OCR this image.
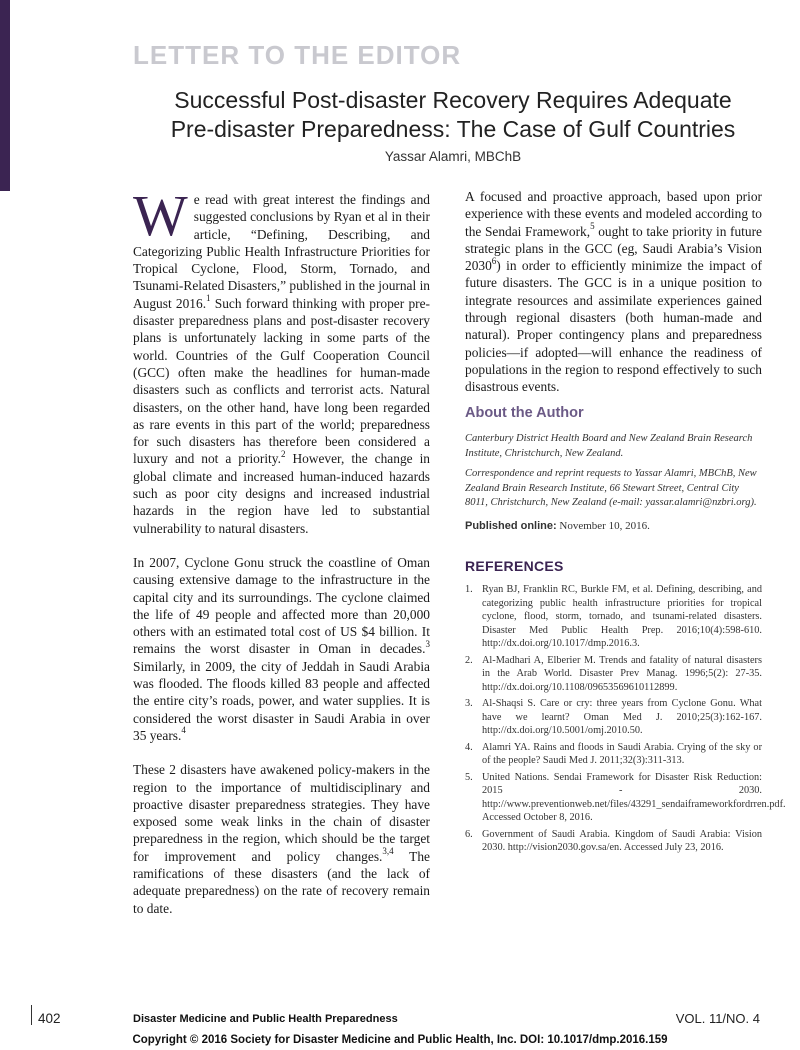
LETTER TO THE EDITOR
Successful Post-disaster Recovery Requires Adequate
Pre-disaster Preparedness: The Case of Gulf Countries
Yassar Alamri, MBChB

We read with great interest the findings and suggested conclusions by Ryan et al in their article, “Defining, Describing, and Categorizing Public Health Infrastructure Priorities for Tropical Cyclone, Flood, Storm, Tornado, and Tsunami-Related Disasters,” published in the journal in August 2016.$^1$ Such forward thinking with proper pre-disaster preparedness plans and post-disaster recovery plans is unfortunately lacking in some parts of the world. Countries of the Gulf Cooperation Council (GCC) often make the headlines for human-made disasters such as conflicts and terrorist acts. Natural disasters, on the other hand, have long been regarded as rare events in this part of the world; preparedness for such disasters has therefore been considered a luxury and not a priority.$^2$ However, the change in global climate and increased human-induced hazards such as poor city designs and increased industrial hazards in the region have led to substantial vulnerability to natural disasters.

In 2007, Cyclone Gonu struck the coastline of Oman causing extensive damage to the infrastructure in the capital city and its surroundings. The cyclone claimed the life of 49 people and affected more than 20,000 others with an estimated total cost of US $4 billion. It remains the worst disaster in Oman in decades.$^3$ Similarly, in 2009, the city of Jeddah in Saudi Arabia was flooded. The floods killed 83 people and affected the entire city’s roads, power, and water supplies. It is considered the worst disaster in Saudi Arabia in over 35 years.$^4$

These 2 disasters have awakened policy-makers in the region to the importance of multidisciplinary and proactive disaster preparedness strategies. They have exposed some weak links in the chain of disaster preparedness in the region, which should be the target for improvement and policy changes.$^{3,4}$ The ramifications of these disasters (and the lack of adequate preparedness) on the rate of recovery remain to date.

A focused and proactive approach, based upon prior experience with these events and modeled according to the Sendai Framework,$^5$ ought to take priority in future strategic plans in the GCC (eg, Saudi Arabia’s Vision 2030$^6$) in order to efficiently minimize the impact of future disasters. The GCC is in a unique position to integrate resources and assimilate experiences gained through regional disasters (both human-made and natural). Proper contingency plans and preparedness policies—if adopted—will enhance the readiness of populations in the region to respond effectively to such disastrous events.

About the Author

Canterbury District Health Board and New Zealand Brain Research Institute, Christchurch, New Zealand.

Correspondence and reprint requests to Yassar Alamri, MBChB, New Zealand Brain Research Institute, 66 Stewart Street, Central City 8011, Christchurch, New Zealand (e-mail: yassar.alamri@nzbri.org).

Published online: November 10, 2016.
REFERENCES
1. Ryan BJ, Franklin RC, Burkle FM, et al. Defining, describing, and categorizing public health infrastructure priorities for tropical cyclone, flood, storm, tornado, and tsunami-related disasters. Disaster Med Public Health Prep. 2016;10(4):598-610. http://dx.doi.org/10.1017/dmp.2016.3.
2. Al-Madhari A, Elberier M. Trends and fatality of natural disasters in the Arab World. Disaster Prev Manag. 1996;5(2): 27-35. http://dx.doi.org/10.1108/09653569610112899.
3. Al-Shaqsi S. Care or cry: three years from Cyclone Gonu. What have we learnt? Oman Med J. 2010;25(3):162-167. http://dx.doi.org/10.5001/omj.2010.50.
4. Alamri YA. Rains and floods in Saudi Arabia. Crying of the sky or of the people? Saudi Med J. 2011;32(3):311-313.
5. United Nations. Sendai Framework for Disaster Risk Reduction: 2015 - 2030. http://www.preventionweb.net/files/43291_sendaiframeworkfordrren.pdf. Accessed October 8, 2016.
6. Government of Saudi Arabia. Kingdom of Saudi Arabia: Vision 2030. http://vision2030.gov.sa/en. Accessed July 23, 2016.
402	Disaster Medicine and Public Health Preparedness	VOL. 11/NO. 4
Copyright © 2016 Society for Disaster Medicine and Public Health, Inc. DOI: 10.1017/dmp.2016.159
